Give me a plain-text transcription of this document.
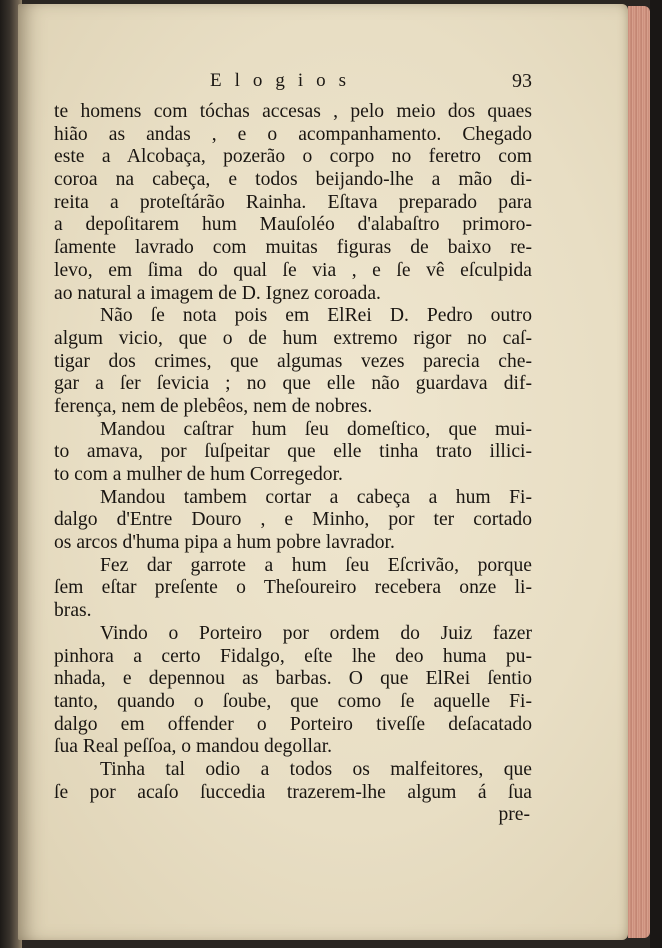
Elogios	93
te homens com tóchas accesas , pelo meio dos quaes
hião as andas , e o acompanhamento. Chegado
este a Alcobaça, pozerão o corpo no feretro com
coroa na cabeça, e todos beijando-lhe a mão di-
reita a proteſtárão Rainha. Eſtava preparado para
a depoſitarem hum Mauſoléo d'alabaſtro primoro-
ſamente lavrado com muitas figuras de baixo re-
levo, em ſima do qual ſe via , e ſe vê eſculpida
ao natural a imagem de D. Ignez coroada.
Não ſe nota pois em ElRei D. Pedro outro
algum vicio, que o de hum extremo rigor no caſ-
tigar dos crimes, que algumas vezes parecia che-
gar a ſer ſevicia ; no que elle não guardava dif-
ferença, nem de plebêos, nem de nobres.
Mandou caſtrar hum ſeu domeſtico, que mui-
to amava, por ſuſpeitar que elle tinha trato illici-
to com a mulher de hum Corregedor.
Mandou tambem cortar a cabeça a hum Fi-
dalgo d'Entre Douro , e Minho, por ter cortado
os arcos d'huma pipa a hum pobre lavrador.
Fez dar garrote a hum ſeu Eſcrivão, porque
ſem eſtar preſente o Theſoureiro recebera onze li-
bras.
Vindo o Porteiro por ordem do Juiz fazer
pinhora a certo Fidalgo, eſte lhe deo huma pu-
nhada, e depennou as barbas. O que ElRei ſentio
tanto, quando o ſoube, que como ſe aquelle Fi-
dalgo em offender o Porteiro tiveſſe deſacatado
ſua Real peſſoa, o mandou degollar.
Tinha tal odio a todos os malfeitores, que
ſe por acaſo ſuccedia trazerem-lhe algum á ſua
pre-
